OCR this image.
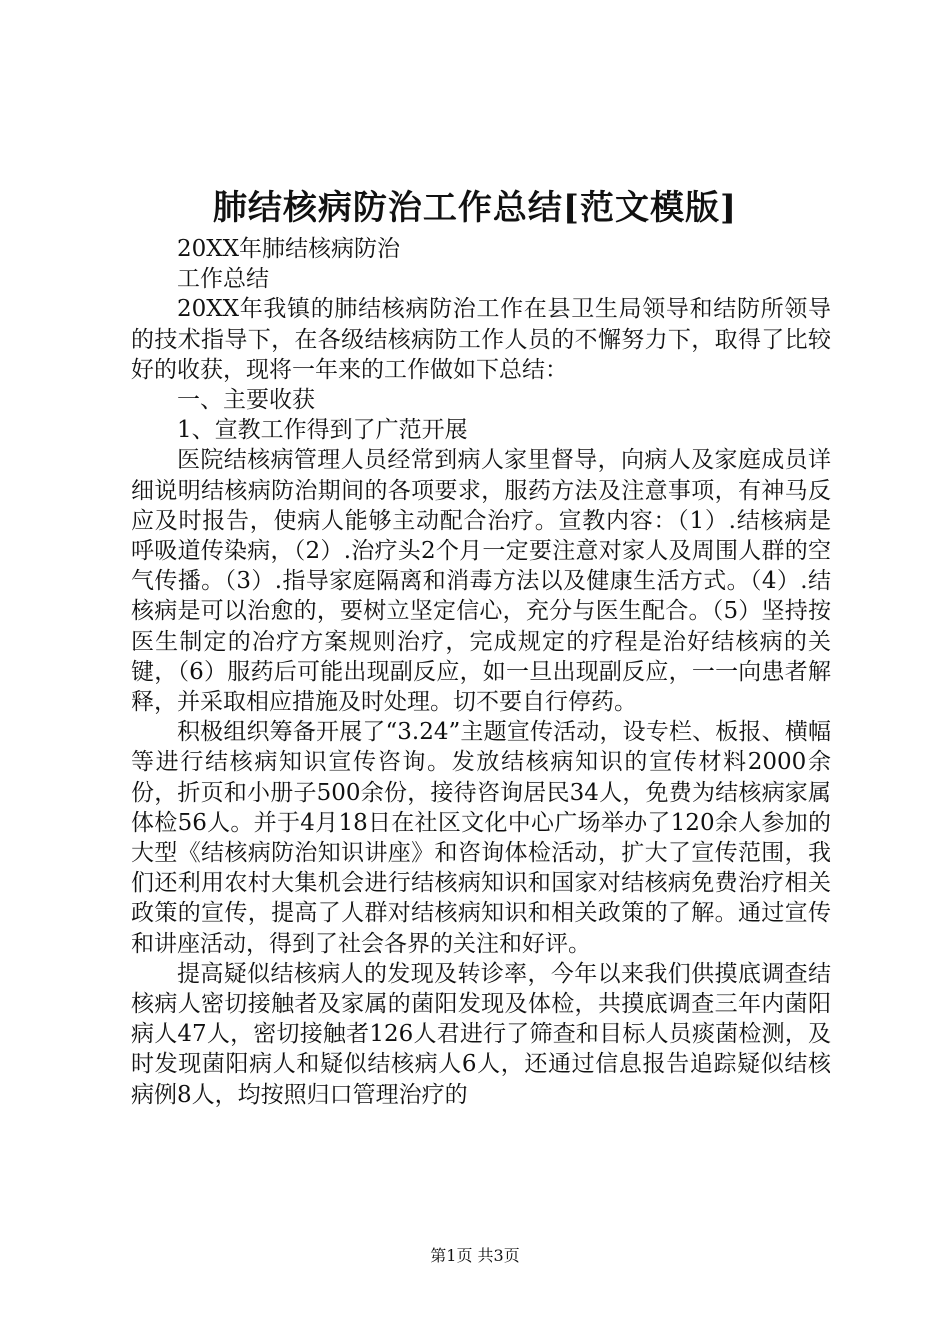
肺结核病防治工作总结[范文模版]

20XX年肺结核病防治

工作总结

20XX年我镇的肺结核病防治工作在县卫生局领导和结防所领导的技术指导下，在各级结核病防工作人员的不懈努力下，取得了比较好的收获，现将一年来的工作做如下总结：

一、主要收获

1、宣教工作得到了广范开展

医院结核病管理人员经常到病人家里督导，向病人及家庭成员详细说明结核病防治期间的各项要求，服药方法及注意事项，有神马反应及时报告，使病人能够主动配合治疗。宣教内容：（1）.结核病是呼吸道传染病，（2）.治疗头2个月一定要注意对家人及周围人群的空气传播。（3）.指导家庭隔离和消毒方法以及健康生活方式。（4）.结核病是可以治愈的，要树立坚定信心，充分与医生配合。（5）坚持按医生制定的冶疗方案规则治疗，完成规定的疗程是治好结核病的关键，（6）服药后可能出现副反应，如一旦出现副反应，一一向患者解释，并采取相应措施及时处理。切不要自行停药。

积极组织筹备开展了“3.24”主题宣传活动，设专栏、板报、横幅等进行结核病知识宣传咨询。发放结核病知识的宣传材料2000余份，折页和小册子500余份，接待咨询居民34人，免费为结核病家属体检56人。并于4月18日在社区文化中心广场举办了120余人参加的大型《结核病防治知识讲座》和咨询体检活动，扩大了宣传范围，我们还利用农村大集机会进行结核病知识和国家对结核病免费治疗相关政策的宣传，提高了人群对结核病知识和相关政策的了解。通过宣传和讲座活动，得到了社会各界的关注和好评。

提高疑似结核病人的发现及转诊率，今年以来我们供摸底调查结核病人密切接触者及家属的菌阳发现及体检，共摸底调查三年内菌阳病人47人，密切接触者126人君进行了筛查和目标人员痰菌检测，及时发现菌阳病人和疑似结核病人6人，还通过信息报告追踪疑似结核病例8人，均按照归口管理治疗的

第1页 共3页
